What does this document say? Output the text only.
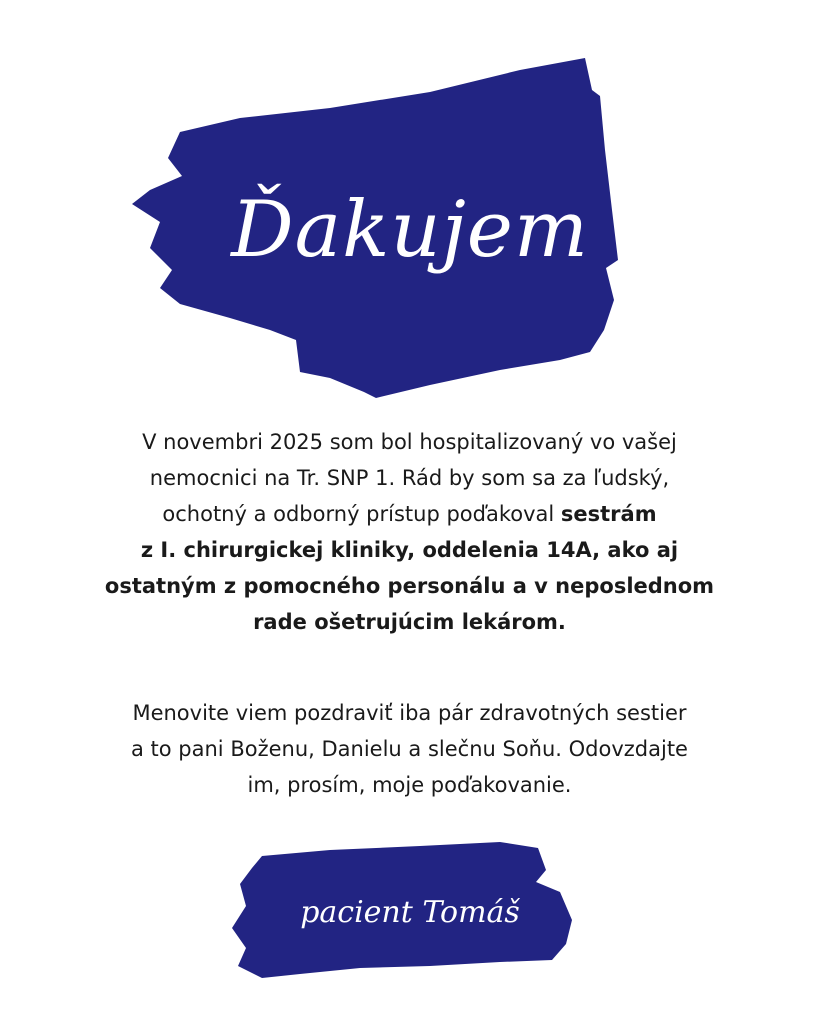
Ďakujem
V novembri 2025 som bol hospitalizovaný vo vašej
nemocnici na Tr. SNP 1. Rád by som sa za ľudský,
ochotný a odborný prístup poďakoval sestrám
z I. chirurgickej kliniky, oddelenia 14A, ako aj
ostatným z pomocného personálu a v neposlednom
rade ošetrujúcim lekárom.
Menovite viem pozdraviť iba pár zdravotných sestier
a to pani Boženu, Danielu a slečnu Soňu. Odovzdajte
im, prosím, moje poďakovanie.
pacient Tomáš
